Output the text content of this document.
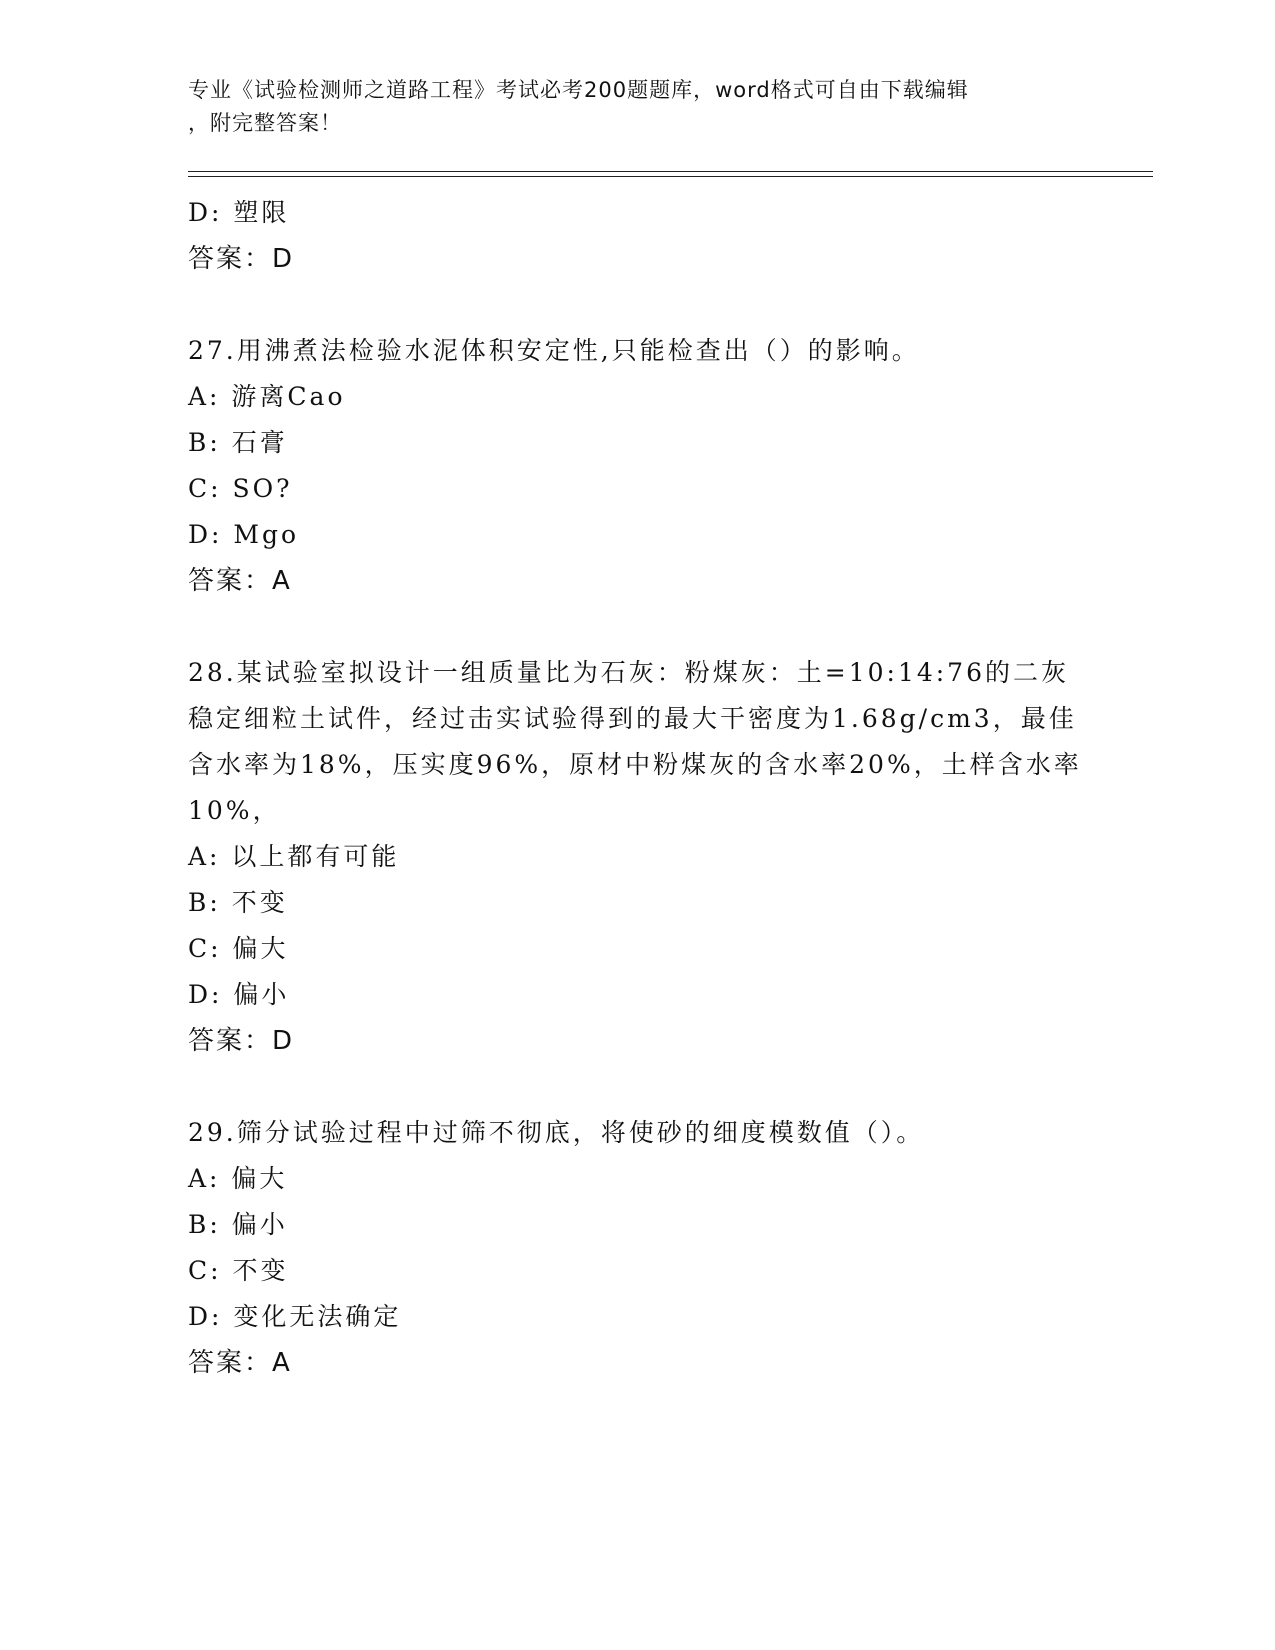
专业《试验检测师之道路工程》考试必考200题题库，word格式可自由下载编辑
，附完整答案！
D: 塑限
答案：D
27.用沸煮法检验水泥体积安定性,只能检查出（）的影响。
A: 游离Cao
B: 石膏
C: SO?
D: Mgo
答案：A
28.某试验室拟设计一组质量比为石灰：粉煤灰：土=10:14:76的二灰
稳定细粒土试件，经过击实试验得到的最大干密度为1.68g/cm3，最佳
含水率为18%，压实度96%，原材中粉煤灰的含水率20%，土样含水率
10%，
A: 以上都有可能
B: 不变
C: 偏大
D: 偏小
答案：D
29.筛分试验过程中过筛不彻底，将使砂的细度模数值（）。
A: 偏大
B: 偏小
C: 不变
D: 变化无法确定
答案：A
